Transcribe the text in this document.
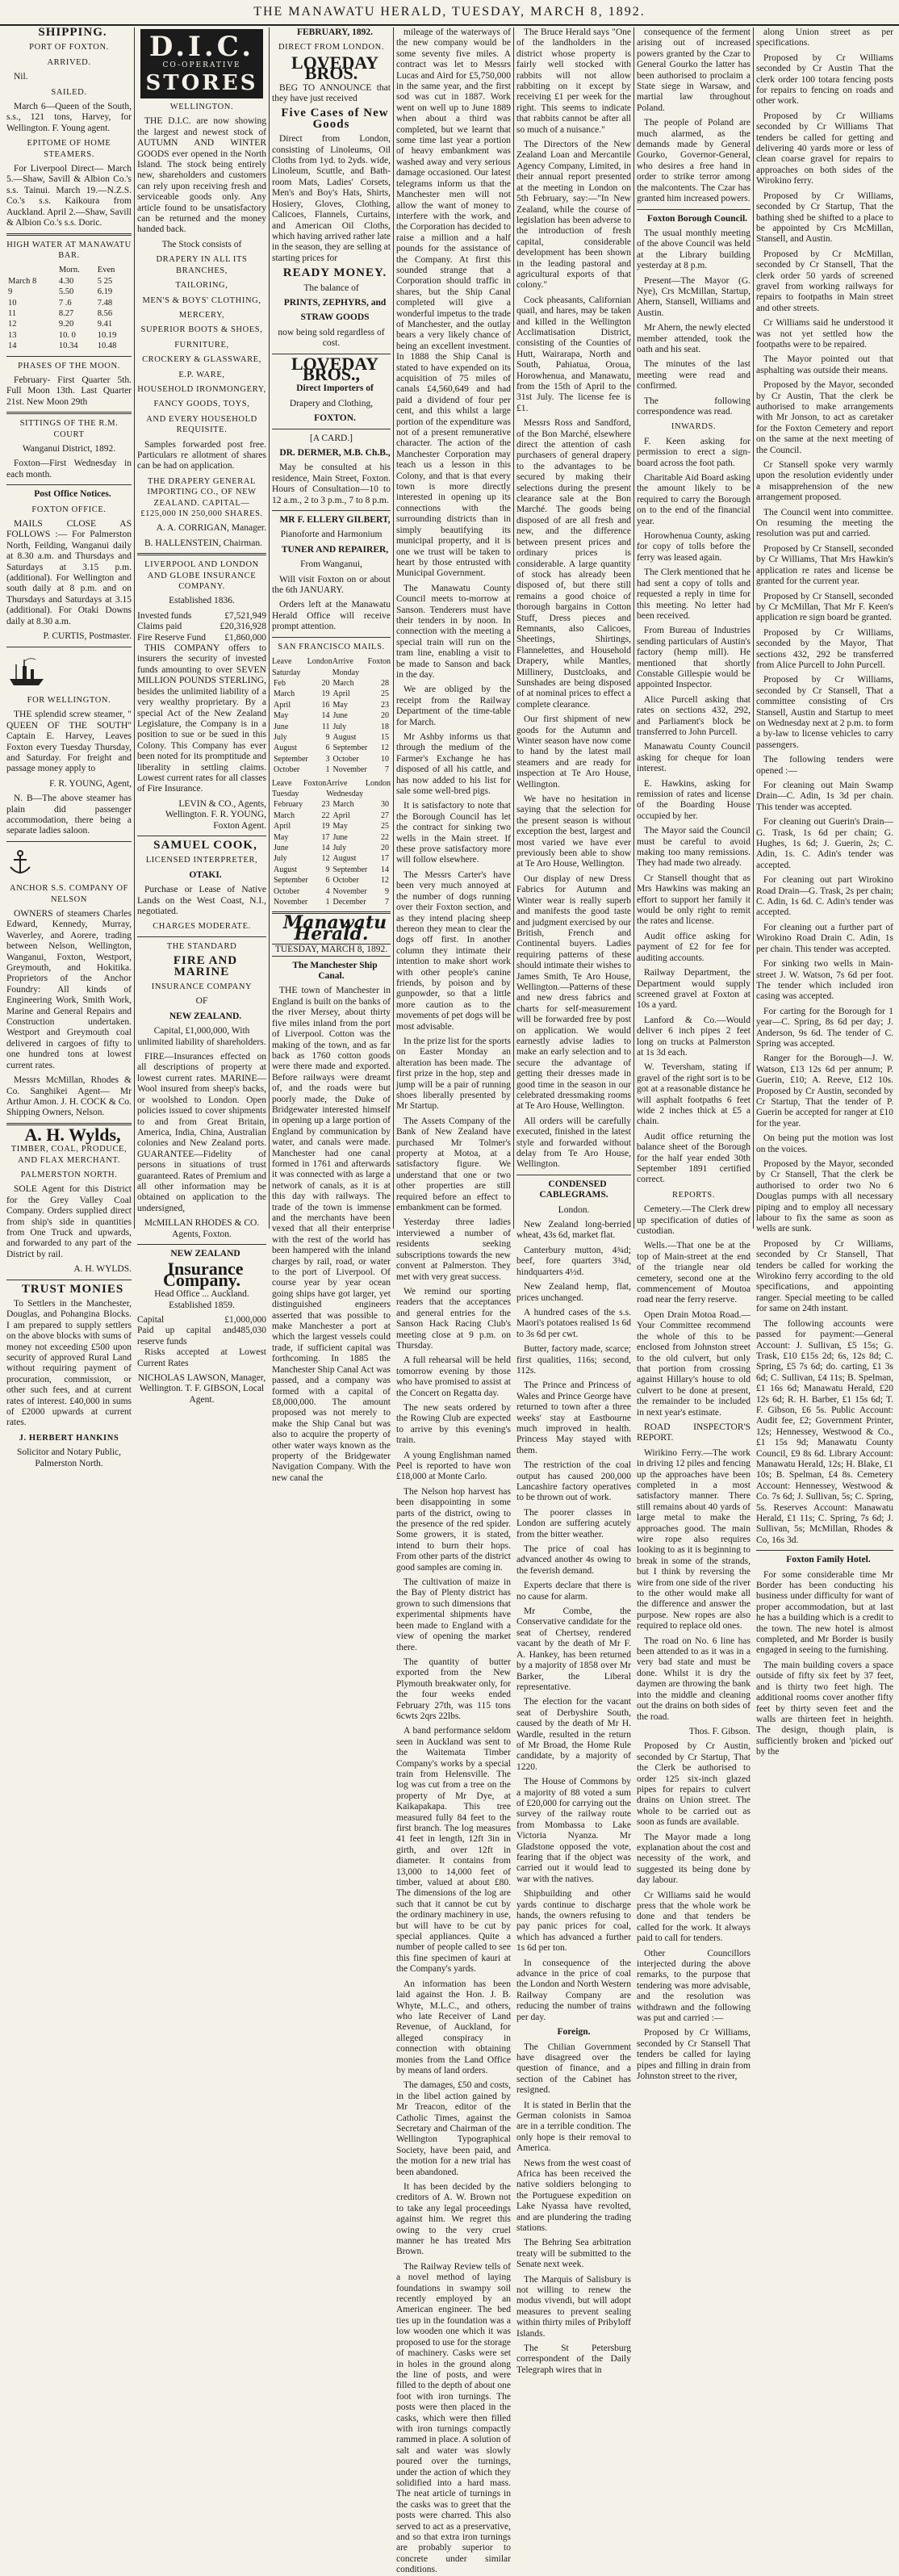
THE MANAWATU HERALD, TUESDAY, MARCH 8, 1892.

SHIPPING.

PORT OF FOXTON.

ARRIVED.

Nil.

SAILED.

March 6—Queen of the South, s.s., 121 tons, Harvey, for Wellington. F. Young agent.

EPITOME OF HOME STEAMERS.

For Liverpool Direct— March 5.—Shaw, Savill & Albion Co.'s s.s. Tainui. March 19.—N.Z.S. Co.'s s.s. Kaikoura from Auckland. April 2.—Shaw, Savill & Albion Co.'s s.s. Doric.

HIGH WATER AT MANAWATU BAR.

	Morn.	Even
March 8	4.30	5 25
9	5.50	6.19
10	7 .6	7.48
11	8.27	8.56
12	9.20	9.41
13	10. 0	10.19
14	10.34	10.48

PHASES OF THE MOON.

February- First Quarter 5th. Full Moon 13th. Last Quarter 21st. New Moon 29th

SITTINGS OF THE R.M. COURT

Wanganui District, 1892.

Foxton—First Wednesday in each month.

Post Office Notices.

FOXTON OFFICE.

MAILS CLOSE AS FOLLOWS :— For Palmerston North, Feilding, Wanganui daily at 8.30 a.m. and Thursdays and Saturdays at 3.15 p.m. (additional). For Wellington and south daily at 8 p.m. and on Thursdays and Saturdays at 3.15 (additional). For Otaki Downs daily at 8.30 a.m.

P. CURTIS, Postmaster.

FOR WELLINGTON.

THE splendid screw steamer, " QUEEN OF THE SOUTH" Captain E. Harvey, Leaves Foxton every Tuesday Thursday, and Saturday. For freight and passage money apply to

F. R. YOUNG, Agent,

N. B—The above steamer has plain did passenger accommodation, there being a separate ladies saloon.

ANCHOR S.S. COMPANY OF NELSON

OWNERS of steamers Charles Edward, Kennedy, Murray, Waverley, and Aorere, trading between Nelson, Wellington, Wanganui, Foxton, Westport, Greymouth, and Hokitika. Proprietors of the Anchor Foundry: All kinds of Engineering Work, Smith Work, Marine and General Repairs and Construction undertaken. Westport and Greymouth coal delivered in cargoes of fifty to one hundred tons at lowest current rates.

Messrs McMillan, Rhodes & Co. Sanghikei Agent— Mr Arthur Amon. J. H. COCK & Co. Shipping Owners, Nelson.

A. H. Wylds,

TIMBER, COAL, PRODUCE, AND FLAX MERCHANT.

PALMERSTON NORTH.

SOLE Agent for this District for the Grey Valley Coal Company. Orders supplied direct from ship's side in quantities from One Truck and upwards, and forwarded to any part of the District by rail.

A. H. WYLDS.

TRUST MONIES

To Settlers in the Manchester, Douglas, and Pohangina Blocks. I am prepared to supply settlers on the above blocks with sums of money not exceeding £500 upon security of approved Rural Land without requiring payment of procuration, commission, or other such fees, and at current rates of interest. £40,000 in sums of £2000 upwards at current rates.

J. HERBERT HANKINS

Solicitor and Notary Public, Palmerston North.

D.I.C.
CO-OPERATIVE
STORES

WELLINGTON.

THE D.I.C. are now showing the largest and newest stock of AUTUMN AND WINTER GOODS ever opened in the North Island. The stock being entirely new, shareholders and customers can rely upon receiving fresh and serviceable goods only. Any article found to be unsatisfactory can be returned and the money handed back.

The Stock consists of

DRAPERY IN ALL ITS BRANCHES,

TAILORING,

MEN'S & BOYS' CLOTHING,

MERCERY,

SUPERIOR BOOTS & SHOES,

FURNITURE,

CROCKERY & GLASSWARE,

E.P. WARE,

HOUSEHOLD IRONMONGERY,

FANCY GOODS, TOYS,

AND EVERY HOUSEHOLD REQUISITE.

Samples forwarded post free. Particulars re allotment of shares can be had on application.

THE DRAPERY GENERAL IMPORTING CO., OF NEW ZEALAND. CAPITAL—£125,000 IN 250,000 SHARES.

A. A. CORRIGAN, Manager.

B. HALLENSTEIN, Chairman.

LIVERPOOL AND LONDON AND GLOBE INSURANCE COMPANY.

Established 1836.

Invested funds	£7,521,949
Claims paid	£20,316,928
Fire Reserve Fund £1,860,000

THIS COMPANY offers to insurers the security of invested funds amounting to over SEVEN MILLION POUNDS STERLING, besides the unlimited liability of a very wealthy proprietary. By a special Act of the New Zealand Legislature, the Company is in a position to sue or be sued in this Colony. This Company has ever been noted for its promptitude and liberality in settling claims. Lowest current rates for all classes of Fire Insurance.

LEVIN & CO., Agents, Wellington. F. R. YOUNG, Foxton Agent.

SAMUEL COOK,

LICENSED INTERPRETER,

OTAKI.

Purchase or Lease of Native Lands on the West Coast, N.I., negotiated.

CHARGES MODERATE.

THE STANDARD

FIRE AND MARINE

INSURANCE COMPANY

OF

NEW ZEALAND.

Capital, £1,000,000, With unlimited liability of shareholders.

FIRE—Insurances effected on all descriptions of property at lowest current rates. MARINE—Wool insured from sheep's backs, or woolshed to London. Open policies issued to cover shipments to and from Great Britain, America, India, China, Australian colonies and New Zealand ports. GUARANTEE—Fidelity of persons in situations of trust guaranteed. Rates of Premium and all other information may be obtained on application to the undersigned,

McMILLAN RHODES & CO. Agents, Foxton.

NEW ZEALAND

Insurance Company.

Head Office ... Auckland. Established 1859.

Capital	£1,000,000
Paid up capital and reserve funds
485,030

Risks accepted at Lowest Current Rates

NICHOLAS LAWSON, Manager, Wellington. T. F. GIBSON, Local Agent.

FEBRUARY, 1892.

DIRECT FROM LONDON.

LOVEDAY BROS.

BEG TO ANNOUNCE that they have just received

Five Cases of New Goods

Direct from London, consisting of Linoleums, Oil Cloths from 1yd. to 2yds. wide, Linoleum, Scuttle, and Bath-room Mats, Ladies' Corsets, Men's and Boy's Hats, Shirts, Hosiery, Gloves, Clothing, Calicoes, Flannels, Curtains, and American Oil Cloths, which having arrived rather late in the season, they are selling at starting prices for

READY MONEY.

The balance of

PRINTS, ZEPHYRS, and

STRAW GOODS

now being sold regardless of cost.

LOVEDAY BROS.,

Direct Importers of

Drapery and Clothing,

FOXTON.

[A CARD.]

DR. DERMER, M.B. Ch.B.,

May be consulted at his residence, Main Street, Foxton. Hours of Consultation—10 to 12 a.m., 2 to 3 p.m., 7 to 8 p.m.

MR F. ELLERY GILBERT,

Pianoforte and Harmonium

TUNER AND REPAIRER,

From Wanganui,

Will visit Foxton on or about the 6th JANUARY.

Orders left at the Manawatu Herald Office will receive prompt attention.

SAN FRANCISCO MAILS.

Leave London Saturday
Arrive Foxton Monday
Feb	20	March	28
March	19	April	25
April	16	May	23
May	14	June	20
June	11	July	18
July	9	August	15
August	6	September	12
September	3	October	10
October	1	November	7
Leave Foxton Tuesday
Arrive London Wednesday
February	23	March	30
March	22	April	27
April	19	May	25
May	17	June	22
June	14	July	20
July	12	August	17
August	9	September	14
September	6	October	12
October	4	November	9
November	1	December	7

Manawatu Herald.

TUESDAY, MARCH 8, 1892.

The Manchester Ship Canal.

THE town of Manchester in England is built on the banks of the river Mersey, about thirty five miles inland from the port of Liverpool. Cotton was the making of the town, and as far back as 1760 cotton goods were there made and exported. Before railways were dreamt of, and the roads were but poorly made, the Duke of Bridgewater interested himself in opening up a large portion of England by communication by water, and canals were made. Manchester had one canal formed in 1761 and afterwards it was connected with as large a network of canals, as it is at this day with railways. The trade of the town is immense and the merchants have been vexed that all their enterprise with the rest of the world has been hampered with the inland charges by rail, road, or water to the port of Liverpool. Of course year by year ocean going ships have got larger, yet distinguished engineers asserted that was possible to make Manchester a port at which the largest vessels could trade, if sufficient capital was forthcoming. In 1885 the Manchester Ship Canal Act was passed, and a company was formed with a capital of £8,000,000. The amount proposed was not merely to make the Ship Canal but was also to acquire the property of other water ways known as the property of the Bridgewater Navigation Company. With the new canal the

mileage of the waterways of the new company would be some seventy five miles. A contract was let to Messrs Lucas and Aird for £5,750,000 in the same year, and the first sod was cut in 1887. Work went on well up to June 1889 when about a third was completed, but we learnt that some time last year a portion of heavy embankment was washed away and very serious damage occasioned. Our latest telegrams inform us that the Manchester men will not allow the want of money to interfere with the work, and the Corporation has decided to raise a million and a half pounds for the assistance of the Company. At first this sounded strange that a Corporation should traffic in shares, but the Ship Canal completed will give a wonderful impetus to the trade of Manchester, and the outlay bears a very likely chance of being an excellent investment. In 1888 the Ship Canal is stated to have expended on its acquisition of 75 miles of canals £4,560,649 and had paid a dividend of four per cent, and this whilst a large portion of the expenditure was not of a present remunerative character. The action of the Manchester Corporation may teach us a lesson in this Colony, and that is that every town is more directly interested in opening up its connections with the surrounding districts than in simply beautifying its municipal property, and it is one we trust will be taken to heart by those entrusted with Municipal Government.

The Manawatu County Council meets to-morrow at Sanson. Tenderers must have their tenders in by noon. In connection with the meeting a special train will run on the tram line, enabling a visit to be made to Sanson and back in the day.

We are obliged by the receipt from the Railway Department of the time-table for March.

Mr Ashby informs us that through the medium of the Farmer's Exchange he has disposed of all his cattle, and has now added to his list for sale some well-bred pigs.

It is satisfactory to note that the Borough Council has let the contract for sinking two wells in the Main street. If these prove satisfactory more will follow elsewhere.

The Messrs Carter's have been very much annoyed at the number of dogs running over their Foxton section, and as they intend placing sheep thereon they mean to clear the dogs off first. In another column they intimate their intention to make short work with other people's canine friends, by poison and by gunpowder, so that a little more caution as to the movements of pet dogs will be most advisable.

In the prize list for the sports on Easter Monday an alteration has been made. The first prize in the hop, step and jump will be a pair of running shoes liberally presented by Mr Startup.

The Assets Company of the Bank of New Zealand have purchased Mr Tolmer's property at Motoa, at a satisfactory figure. We understand that one or two other properties are still required before an effect to embankment can be formed.

Yesterday three ladies interviewed a number of residents seeking subscriptions towards the new convent at Palmerston. They met with very great success.

We remind our sporting readers that the acceptances and general entries for the Sanson Hack Racing Club's meeting close at 9 p.m. on Thursday.

A full rehearsal will be held tomorrow evening by those who have promised to assist at the Concert on Regatta day.

The new seats ordered by the Rowing Club are expected to arrive by this evening's train.

A young Englishman named Peel is reported to have won £18,000 at Monte Carlo.

The Nelson hop harvest has been disappointing in some parts of the district, owing to the presence of the red spider. Some growers, it is stated, intend to burn their hops. From other parts of the district good samples are coming in.

The cultivation of maize in the Bay of Plenty district has grown to such dimensions that experimental shipments have been made to England with a view of opening the market there.

The quantity of butter exported from the New Plymouth breakwater only, for the four weeks ended February 27th, was 115 tons 6cwts 2qrs 22lbs.

A band performance seldom seen in Auckland was sent to the Waitemata Timber Company's works by a special train from Helensville. The log was cut from a tree on the property of Mr Dye, at Kaikapakapa. This tree measured fully 84 feet to the first branch. The log measures 41 feet in length, 12ft 3in in girth, and over 12ft in diameter. It contains from 13,000 to 14,000 feet of timber, valued at about £80. The dimensions of the log are such that it cannot be cut by the ordinary machinery in use, but will have to be cut by special appliances. Quite a number of people called to see this fine specimen of kauri at the Company's yards.

An information has been laid against the Hon. J. B. Whyte, M.L.C., and others, who late Receiver of Land Revenue, of Auckland, for alleged conspiracy in connection with obtaining monies from the Land Office by means of land orders.

The damages, £50 and costs, in the libel action gained by Mr Treacon, editor of the Catholic Times, against the Secretary and Chairman of the Wellington Typographical Society, have been paid, and the motion for a new trial has been abandoned.

It has been decided by the creditors of A. W. Brown not to take any legal proceedings against him. We regret this owing to the very cruel manner he has treated Mrs Brown.

The Railway Review tells of a novel method of laying foundations in swampy soil recently employed by an American engineer. The bed ties up in the foundation was a low wooden one which it was proposed to use for the storage of machinery. Casks were set in holes in the ground along the line of posts, and were filled to the depth of about one foot with iron turnings. The posts were then placed in the casks, which were then filled with iron turnings compactly rammed in place. A solution of salt and water was slowly poured over the turnings, under the action of which they solidified into a hard mass. The neat article of turnings in the casks was to greet that the posts were charred. This also served to act as a preservative, and so that extra iron turnings are probably superior to concrete under similar conditions.

The Bruce Herald says "One of the landholders in the district whose property is fairly well stocked with rabbits will not allow rabbiting on it except by receiving £1 per week for the right. This seems to indicate that rabbits cannot be after all so much of a nuisance."

The Directors of the New Zealand Loan and Mercantile Agency Company, Limited, in their annual report presented at the meeting in London on 5th February, say:—"In New Zealand, while the course of legislation has been adverse to the introduction of fresh capital, considerable development has been shown in the leading pastoral and agricultural exports of that colony."

Cock pheasants, Californian quail, and hares, may be taken and killed in the Wellington Acclimatisation District, consisting of the Counties of Hutt, Wairarapa, North and South, Pahiatua, Oroua, Horowhenua, and Manawatu, from the 15th of April to the 31st July. The license fee is £1.

Messrs Ross and Sandford, of the Bon Marché, elsewhere direct the attention of cash purchasers of general drapery to the advantages to be secured by making their selections during the present clearance sale at the Bon Marché. The goods being disposed of are all fresh and new, and the difference between present prices and ordinary prices is considerable. A large quantity of stock has already been disposed of, but there still remains a good choice of thorough bargains in Cotton Stuff, Dress pieces and Remnants, also Calicoes, Sheetings, Shirtings, Flannelettes, and Household Drapery, while Mantles, Millinery, Dustcloaks, and Sunshades are being disposed of at nominal prices to effect a complete clearance.

Our first shipment of new goods for the Autumn and Winter season have now come to hand by the latest mail steamers and are ready for inspection at Te Aro House, Wellington.

We have no hesitation in saying that the selection for the present season is without exception the best, largest and most varied we have ever previously been able to show at Te Aro House, Wellington.

Our display of new Dress Fabrics for Autumn and Winter wear is really superb and manifests the good taste and judgment exercised by our British, French and Continental buyers. Ladies requiring patterns of these should intimate their wishes to James Smith, Te Aro House, Wellington.—Patterns of these and new dress fabrics and charts for self-measurement will be forwarded free by post on application. We would earnestly advise ladies to make an early selection and to secure the advantage of getting their dresses made in good time in the season in our celebrated dressmaking rooms at Te Aro House, Wellington.

All orders will be carefully executed, finished in the latest style and forwarded without delay from Te Aro House, Wellington.

CONDENSED CABLEGRAMS.

London.

New Zealand long-berried wheat, 43s 6d, market flat.

Canterbury mutton, 4¾d; beef, fore quarters 3¾d, hindquarters 4½d.

New Zealand hemp, flat, prices unchanged.

A hundred cases of the s.s. Maori's potatoes realised 1s 6d to 3s 6d per cwt.

Butter, factory made, scarce; first qualities, 116s; second, 112s.

The Prince and Princess of Wales and Prince George have returned to town after a three weeks' stay at Eastbourne much improved in health. Princess May stayed with them.

The restriction of the coal output has caused 200,000 Lancashire factory operatives to be thrown out of work.

The poorer classes in London are suffering acutely from the bitter weather.

The price of coal has advanced another 4s owing to the feverish demand.

Experts declare that there is no cause for alarm.

Mr Combe, the Conservative candidate for the seat of Chertsey, rendered vacant by the death of Mr F. A. Hankey, has been returned by a majority of 1858 over Mr Barker, the Liberal representative.

The election for the vacant seat of Derbyshire South, caused by the death of Mr H. Wardle, resulted in the return of Mr Broad, the Home Rule candidate, by a majority of 1220.

The House of Commons by a majority of 88 voted a sum of £20,000 for carrying out the survey of the railway route from Mombassa to Lake Victoria Nyanza. Mr Gladstone opposed the vote, fearing that if the object was carried out it would lead to war with the natives.

Shipbuilding and other yards continue to discharge hands, the owners refusing to pay panic prices for coal, which has advanced a further 1s 6d per ton.

In consequence of the advance in the price of coal the London and North Western Railway Company are reducing the number of trains per day.

Foreign.

The Chilian Government have disagreed over the question of finance, and a section of the Cabinet has resigned.

It is stated in Berlin that the German colonists in Samoa are in a terrible condition. The only hope is their removal to America.

News from the west coast of Africa has been received the native soldiers belonging to the Portuguese expedition on Lake Nyassa have revolted, and are plundering the trading stations.

The Behring Sea arbitration treaty will be submitted to the Senate next week.

The Marquis of Salisbury is not willing to renew the modus vivendi, but will adopt measures to prevent sealing within thirty miles of Pribyloff Islands.

The St Petersburg correspondent of the Daily Telegraph wires that in

consequence of the ferment arising out of increased powers granted by the Czar to General Gourko the latter has been authorised to proclaim a State siege in Warsaw, and martial law throughout Poland.

The people of Poland are much alarmed, as the demands made by General Gourko, Governor-General, who desires a free hand in order to strike terror among the malcontents. The Czar has granted him increased powers.

Foxton Borough Council.

The usual monthly meeting of the above Council was held at the Library building yesterday at 8 p.m.

Present—The Mayor (G. Nye), Crs McMillan, Startup, Ahern, Stansell, Williams and Austin.

Mr Ahern, the newly elected member attended, took the oath and his seat.

The minutes of the last meeting were read and confirmed.

The following correspondence was read.

INWARDS.

F. Keen asking for permission to erect a sign-board across the foot path.

Charitable Aid Board asking the amount likely to be required to carry the Borough on to the end of the financial year.

Horowhenua County, asking for copy of tolls before the ferry was leased again.

The Clerk mentioned that he had sent a copy of tolls and requested a reply in time for this meeting. No letter had been received.

From Bureau of Industries sending particulars of Austin's factory (hemp mill). He mentioned that shortly Constable Gillespie would be appointed Inspector.

Alice Purcell asking that rates on sections 432, 292, and Parliament's block be transferred to John Purcell.

Manawatu County Council asking for cheque for loan interest.

E. Hawkins, asking for remission of rates and license of the Boarding House occupied by her.

The Mayor said the Council must be careful to avoid making too many remissions. They had made two already.

Cr Stansell thought that as Mrs Hawkins was making an effort to support her family it would be only right to remit the rates and license.

Audit office asking for payment of £2 for fee for auditing accounts.

Railway Department, the Department would supply screened gravel at Foxton at 10s a yard.

Lanford & Co.—Would deliver 6 inch pipes 2 feet long on trucks at Palmerston at 1s 3d each.

W. Teversham, stating if gravel of the right sort is to be got at a reasonable distance he will asphalt footpaths 6 feet wide 2 inches thick at £5 a chain.

Audit office returning the balance sheet of the Borough for the half year ended 30th September 1891 certified correct.

REPORTS.

Cemetery.—The Clerk drew up specification of duties of custodian.

Wells.—That one be at the top of Main-street at the end of the triangle near old cemetery, second one at the commencement of Moutoa road near the ferry reserve.

Open Drain Motoa Road.—Your Committee recommend the whole of this to be enclosed from Johnston street to the old culvert, but only that portion from crossing against Hillary's house to old culvert to be done at present, the remainder to be included in next year's estimate.

ROAD INSPECTOR'S REPORT.

Wirikino Ferry.—The work in driving 12 piles and fencing up the approaches have been completed in a most satisfactory manner. There still remains about 40 yards of large metal to make the approaches good. The main wire rope also requires looking to as it is beginning to break in some of the strands, but I think by reversing the wire from one side of the river to the other would make all the difference and answer the purpose. New ropes are also required to replace old ones.

The road on No. 6 line has been attended to as it was in a very bad state and must be done. Whilst it is dry the daymen are throwing the bank into the middle and cleaning out the drains on both sides of the road.

Thos. F. Gibson.

Proposed by Cr Austin, seconded by Cr Startup, That the Clerk be authorised to order 125 six-inch glazed pipes for repairs to culvert drains on Union street. The whole to be carried out as soon as funds are available.

The Mayor made a long explanation about the cost and necessity of the work, and suggested its being done by day labour.

Cr Williams said he would press that the whole work be done and that tenders be called for the work. It always paid to call for tenders.

Other Councillors interjected during the above remarks, to the purpose that tendering was more advisable, and the resolution was withdrawn and the following was put and carried :—

Proposed by Cr Williams, seconded by Cr Stansell That tenders be called for laying pipes and filling in drain from Johnston street to the river,

along Union street as per specifications.

Proposed by Cr Williams seconded by Cr Austin That the clerk order 100 totara fencing posts for repairs to fencing on roads and other work.

Proposed by Cr Williams seconded by Cr Williams That tenders be called for getting and delivering 40 yards more or less of clean coarse gravel for repairs to approaches on both sides of the Wirokino ferry.

Proposed by Cr Williams, seconded by Cr Startup, That the bathing shed be shifted to a place to be appointed by Crs McMillan, Stansell, and Austin.

Proposed by Cr McMillan, seconded by Cr Stansell, That the clerk order 50 yards of screened gravel from working railways for repairs to footpaths in Main street and other streets.

Cr Williams said he understood it was not yet settled how the footpaths were to be repaired.

The Mayor pointed out that asphalting was outside their means.

Proposed by the Mayor, seconded by Cr Austin, That the clerk be authorised to make arrangements with Mr Jonson, to act as caretaker for the Foxton Cemetery and report on the same at the next meeting of the Council.

Cr Stansell spoke very warmly upon the resolution evidently under a misapprehension of the new arrangement proposed.

The Council went into committee. On resuming the meeting the resolution was put and carried.

Proposed by Cr Stansell, seconded by Cr Williams, That Mrs Hawkin's application re rates and license be granted for the current year.

Proposed by Cr Stansell, seconded by Cr McMillan, That Mr F. Keen's application re sign board be granted.

Proposed by Cr Williams, seconded by the Mayor, That sections 432, 292 be transferred from Alice Purcell to John Purcell.

Proposed by Cr Williams, seconded by Cr Stansell, That a committee consisting of Crs Stansell, Austin and Startup to meet on Wednesday next at 2 p.m. to form a by-law to license vehicles to carry passengers.

The following tenders were opened :—

For cleaning out Main Swamp Drain—C. Adin, 1s 3d per chain. This tender was accepted.

For cleaning out Guerin's Drain—G. Trask, 1s 6d per chain; G. Hughes, 1s 6d; J. Guerin, 2s; C. Adin, 1s. C. Adin's tender was accepted.

For cleaning out part Wirokino Road Drain—G. Trask, 2s per chain; C. Adin, 1s 6d. C. Adin's tender was accepted.

For cleaning out a further part of Wirokino Road Drain C. Adin, 1s per chain. This tender was accepted.

For sinking two wells in Main-street J. W. Watson, 7s 6d per foot. The tender which included iron casing was accepted.

For carting for the Borough for 1 year—C. Spring, 8s 6d per day; J. Anderson, 9s 6d. The tender of C. Spring was accepted.

Ranger for the Borough—J. W. Watson, £13 12s 6d per annum; P. Guerin, £10; A. Reeve, £12 10s. Proposed by Cr Austin, seconded by Cr Startup, That the tender of P. Guerin be accepted for ranger at £10 for the year.

On being put the motion was lost on the voices.

Proposed by the Mayor, seconded by Cr Stansell, That the clerk be authorised to order two No 6 Douglas pumps with all necessary piping and to employ all necessary labour to fix the same as soon as wells are sunk.

Proposed by Cr Williams, seconded by Cr Stansell, That tenders be called for working the Wirokino ferry according to the old specifications, and appointing ranger. Special meeting to be called for same on 24th instant.

The following accounts were passed for payment:—General Account: J. Sullivan, £5 15s; G. Trask, £10 £15s 2d; 6s, 12s 8d; C. Spring, £5 7s 6d; do. carting, £1 3s 6d; C. Sullivan, £4 11s; B. Spelman, £1 16s 6d; Manawatu Herald, £20 12s 6d; R. H. Barber, £1 15s 6d; T. F. Gibson, £6 5s. Public Account: Audit fee, £2; Government Printer, 12s; Hennessey, Westwood & Co., £1 15s 9d; Manawatu County Council, £9 8s 6d. Library Account: Manawatu Herald, 12s; H. Blake, £1 10s; B. Spelman, £4 8s. Cemetery Account: Hennessey, Westwood & Co. 7s 6d; J. Sullivan, 5s; C. Spring, 5s. Reserves Account: Manawatu Herald, £1 11s; C. Spring, 7s 6d; J. Sullivan, 5s; McMillan, Rhodes & Co, 16s 3d.

Foxton Family Hotel.

For some considerable time Mr Border has been conducting his business under difficulty for want of proper accommodation, but at last he has a building which is a credit to the town. The new hotel is almost completed, and Mr Border is busily engaged in seeing to the furnishing.

The main building covers a space outside of fifty six feet by 37 feet, and is thirty two feet high. The additional rooms cover another fifty feet by thirty seven feet and the walls are thirteen feet in heighth. The design, though plain, is sufficiently broken and 'picked out' by the
